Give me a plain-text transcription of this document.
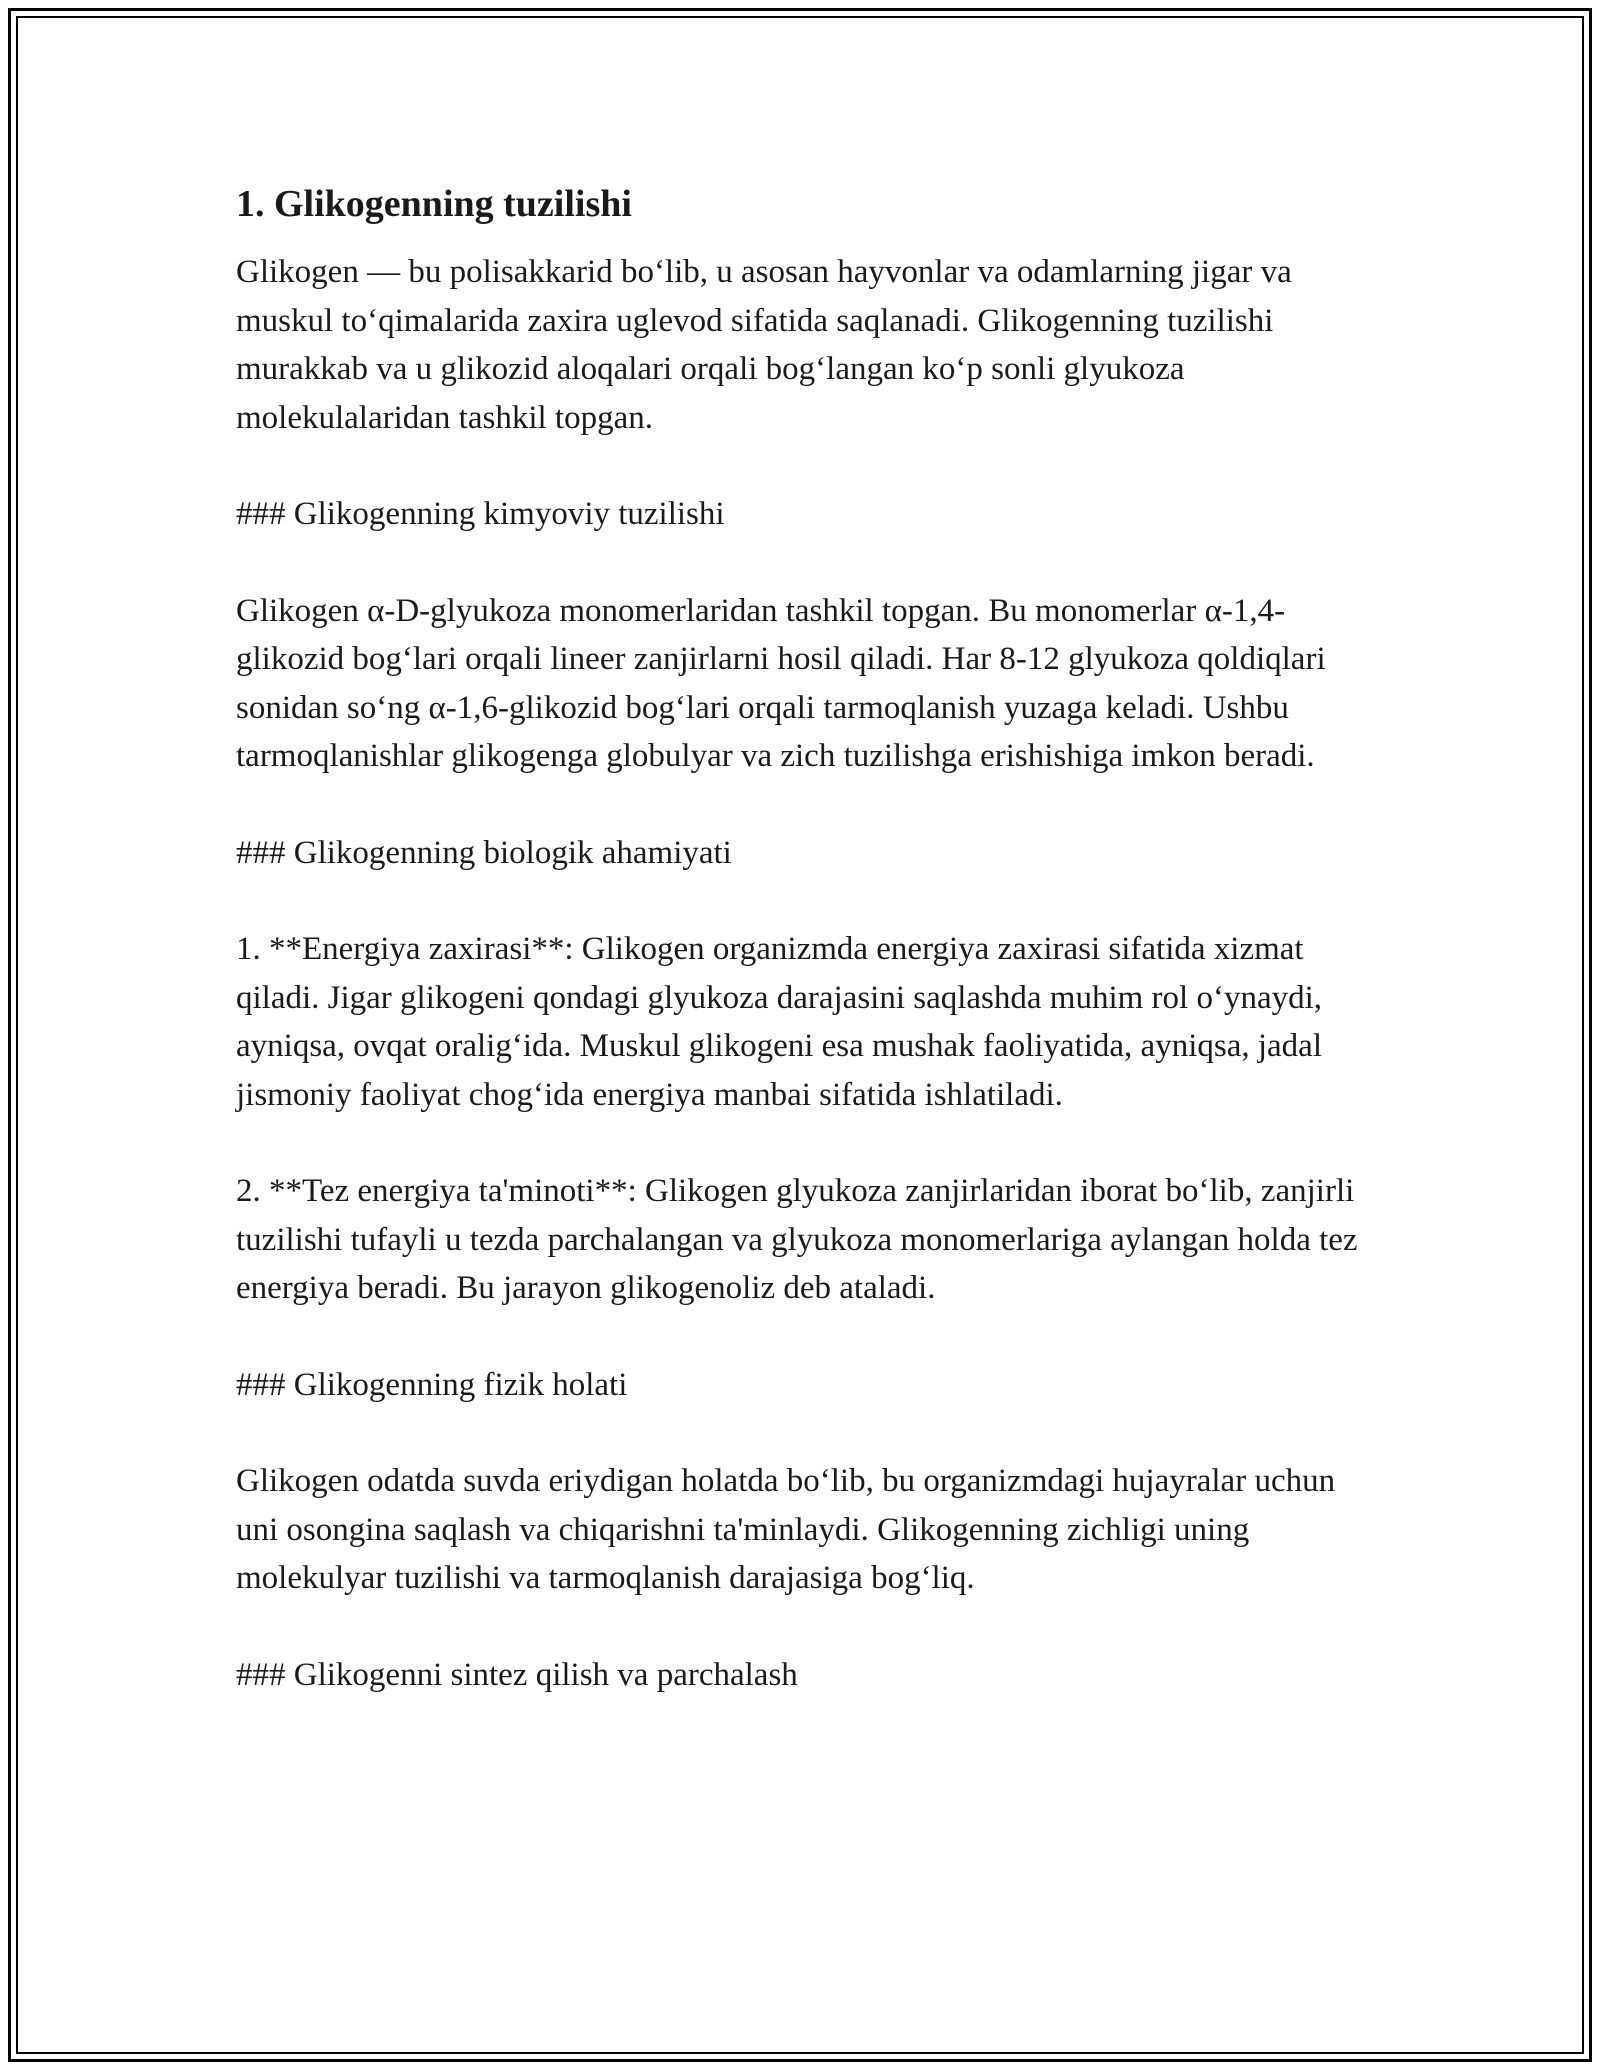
1. Glikogenning tuzilishi

Glikogen — bu polisakkarid bo‘lib, u asosan hayvonlar va odamlarning jigar va muskul to‘qimalarida zaxira uglevod sifatida saqlanadi. Glikogenning tuzilishi murakkab va u glikozid aloqalari orqali bog‘langan ko‘p sonli glyukoza molekulalaridan tashkil topgan.

### Glikogenning kimyoviy tuzilishi

Glikogen α-D-glyukoza monomerlaridan tashkil topgan. Bu monomerlar α-1,4-glikozid bog‘lari orqali lineer zanjirlarni hosil qiladi. Har 8-12 glyukoza qoldiqlari sonidan so‘ng α-1,6-glikozid bog‘lari orqali tarmoqlanish yuzaga keladi. Ushbu tarmoqlanishlar glikogenga globulyar va zich tuzilishga erishishiga imkon beradi.

### Glikogenning biologik ahamiyati

1. **Energiya zaxirasi**: Glikogen organizmda energiya zaxirasi sifatida xizmat qiladi. Jigar glikogeni qondagi glyukoza darajasini saqlashda muhim rol o‘ynaydi, ayniqsa, ovqat oralig‘ida. Muskul glikogeni esa mushak faoliyatida, ayniqsa, jadal jismoniy faoliyat chog‘ida energiya manbai sifatida ishlatiladi.

2. **Tez energiya ta'minoti**: Glikogen glyukoza zanjirlaridan iborat bo‘lib, zanjirli tuzilishi tufayli u tezda parchalangan va glyukoza monomerlariga aylangan holda tez energiya beradi. Bu jarayon glikogenoliz deb ataladi.

### Glikogenning fizik holati

Glikogen odatda suvda eriydigan holatda bo‘lib, bu organizmdagi hujayralar uchun uni osongina saqlash va chiqarishni ta'minlaydi. Glikogenning zichligi uning molekulyar tuzilishi va tarmoqlanish darajasiga bog‘liq.

### Glikogenni sintez qilish va parchalash
